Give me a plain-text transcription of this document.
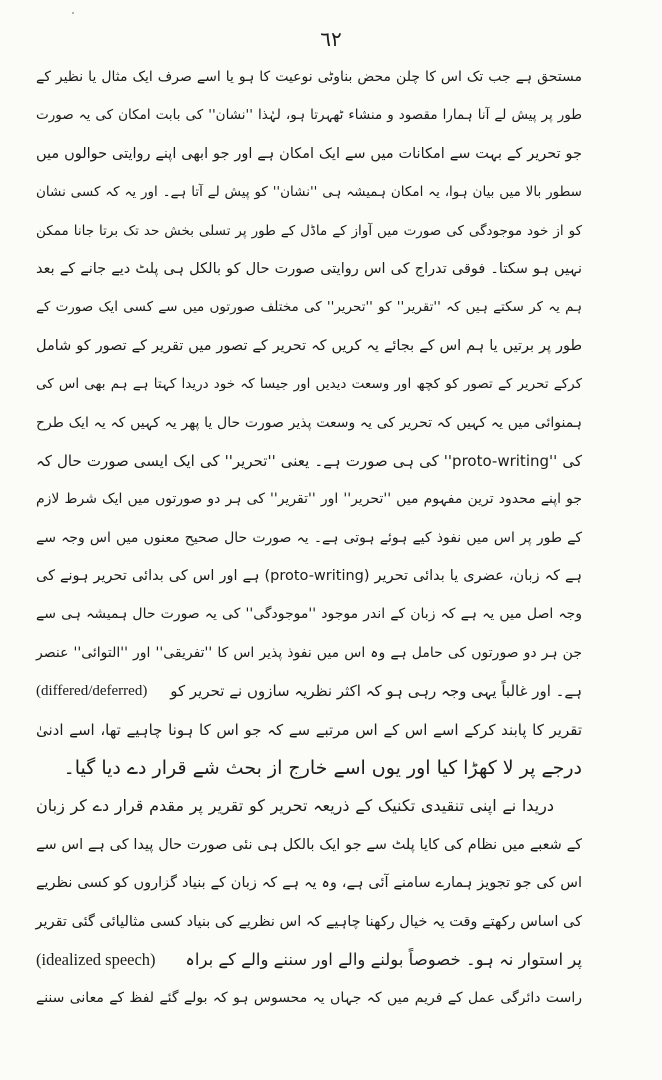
٦٢
مستحق ہے جب تک اس کا چلن محض بناوٹی نوعیت کا ہو یا اسے صرف ایک مثال یا نظیر کے
طور پر پیش لے آنا ہمارا مقصود و منشاء ٹھہرتا ہو، لہٰذا ''نشان'' کی بابت امکان کی یہ صورت
جو تحریر کے بہت سے امکانات میں سے ایک امکان ہے اور جو ابھی اپنے روایتی حوالوں میں
سطور بالا میں بیان ہوا، یہ امکان ہمیشہ ہی ''نشان'' کو پیش لے آتا ہے۔ اور یہ کہ کسی نشان
کو از خود موجودگی کی صورت میں آواز کے ماڈل کے طور پر تسلی بخش حد تک برتا جانا ممکن
نہیں ہو سکتا۔ فوقی تدراج کی اس روایتی صورت حال کو بالکل ہی پلٹ دیے جانے کے بعد
ہم یہ کر سکتے ہیں کہ ''تقریر'' کو ''تحریر'' کی مختلف صورتوں میں سے کسی ایک صورت کے
طور پر برتیں یا ہم اس کے بجائے یہ کریں کہ تحریر کے تصور میں تقریر کے تصور کو شامل
کرکے تحریر کے تصور کو کچھ اور وسعت دیدیں اور جیسا کہ خود دریدا کہتا ہے ہم بھی اس کی
ہمنوائی میں یہ کہیں کہ تحریر کی یہ وسعت پذیر صورت حال یا پھر یہ کہیں کہ یہ ایک طرح
کی ''proto-writing'' کی ہی صورت ہے۔ یعنی ''تحریر'' کی ایک ایسی صورت حال کہ
جو اپنے محدود ترین مفہوم میں ''تحریر'' اور ''تقریر'' کی ہر دو صورتوں میں ایک شرط لازم
کے طور پر اس میں نفوذ کیے ہوئے ہوتی ہے۔ یہ صورت حال صحیح معنوں میں اس وجہ سے
ہے کہ زبان، عضری یا بدائی تحریر (proto-writing) ہے اور اس کی بدائی تحریر ہونے کی
وجہ اصل میں یہ ہے کہ زبان کے اندر موجود ''موجودگی'' کی یہ صورت حال ہمیشہ ہی سے
جن ہر دو صورتوں کی حامل ہے وہ اس میں نفوذ پذیر اس کا ''تفریقی'' اور ''التوائی'' عنصر
ہے۔ اور غالباً یہی وجہ رہی ہو کہ اکثر نظریہ سازوں نے تحریر کو
(differed/deferred)
تقریر کا پابند کرکے اسے اس کے اس مرتبے سے کہ جو اس کا ہونا چاہیے تھا، اسے ادنیٰ
درجے پر لا کھڑا کیا اور یوں اسے خارج از بحث شے قرار دے دیا گیا۔
دریدا نے اپنی تنقیدی تکنیک کے ذریعہ تحریر کو تقریر پر مقدم قرار دے کر زبان
کے شعبے میں نظام کی کایا پلٹ سے جو ایک بالکل ہی نئی صورت حال پیدا کی ہے اس سے
اس کی جو تجویز ہمارے سامنے آئی ہے، وہ یہ ہے کہ زبان کے بنیاد گزاروں کو کسی نظریے
کی اساس رکھتے وقت یہ خیال رکھنا چاہیے کہ اس نظریے کی بنیاد کسی مثالیائی گئی تقریر
پر استوار نہ ہو۔ خصوصاً بولنے والے اور سننے والے کے براہ
(idealized speech)
راست دائرگی عمل کے فریم میں کہ جہاں یہ محسوس ہو کہ بولے گئے لفظ کے معانی سننے
